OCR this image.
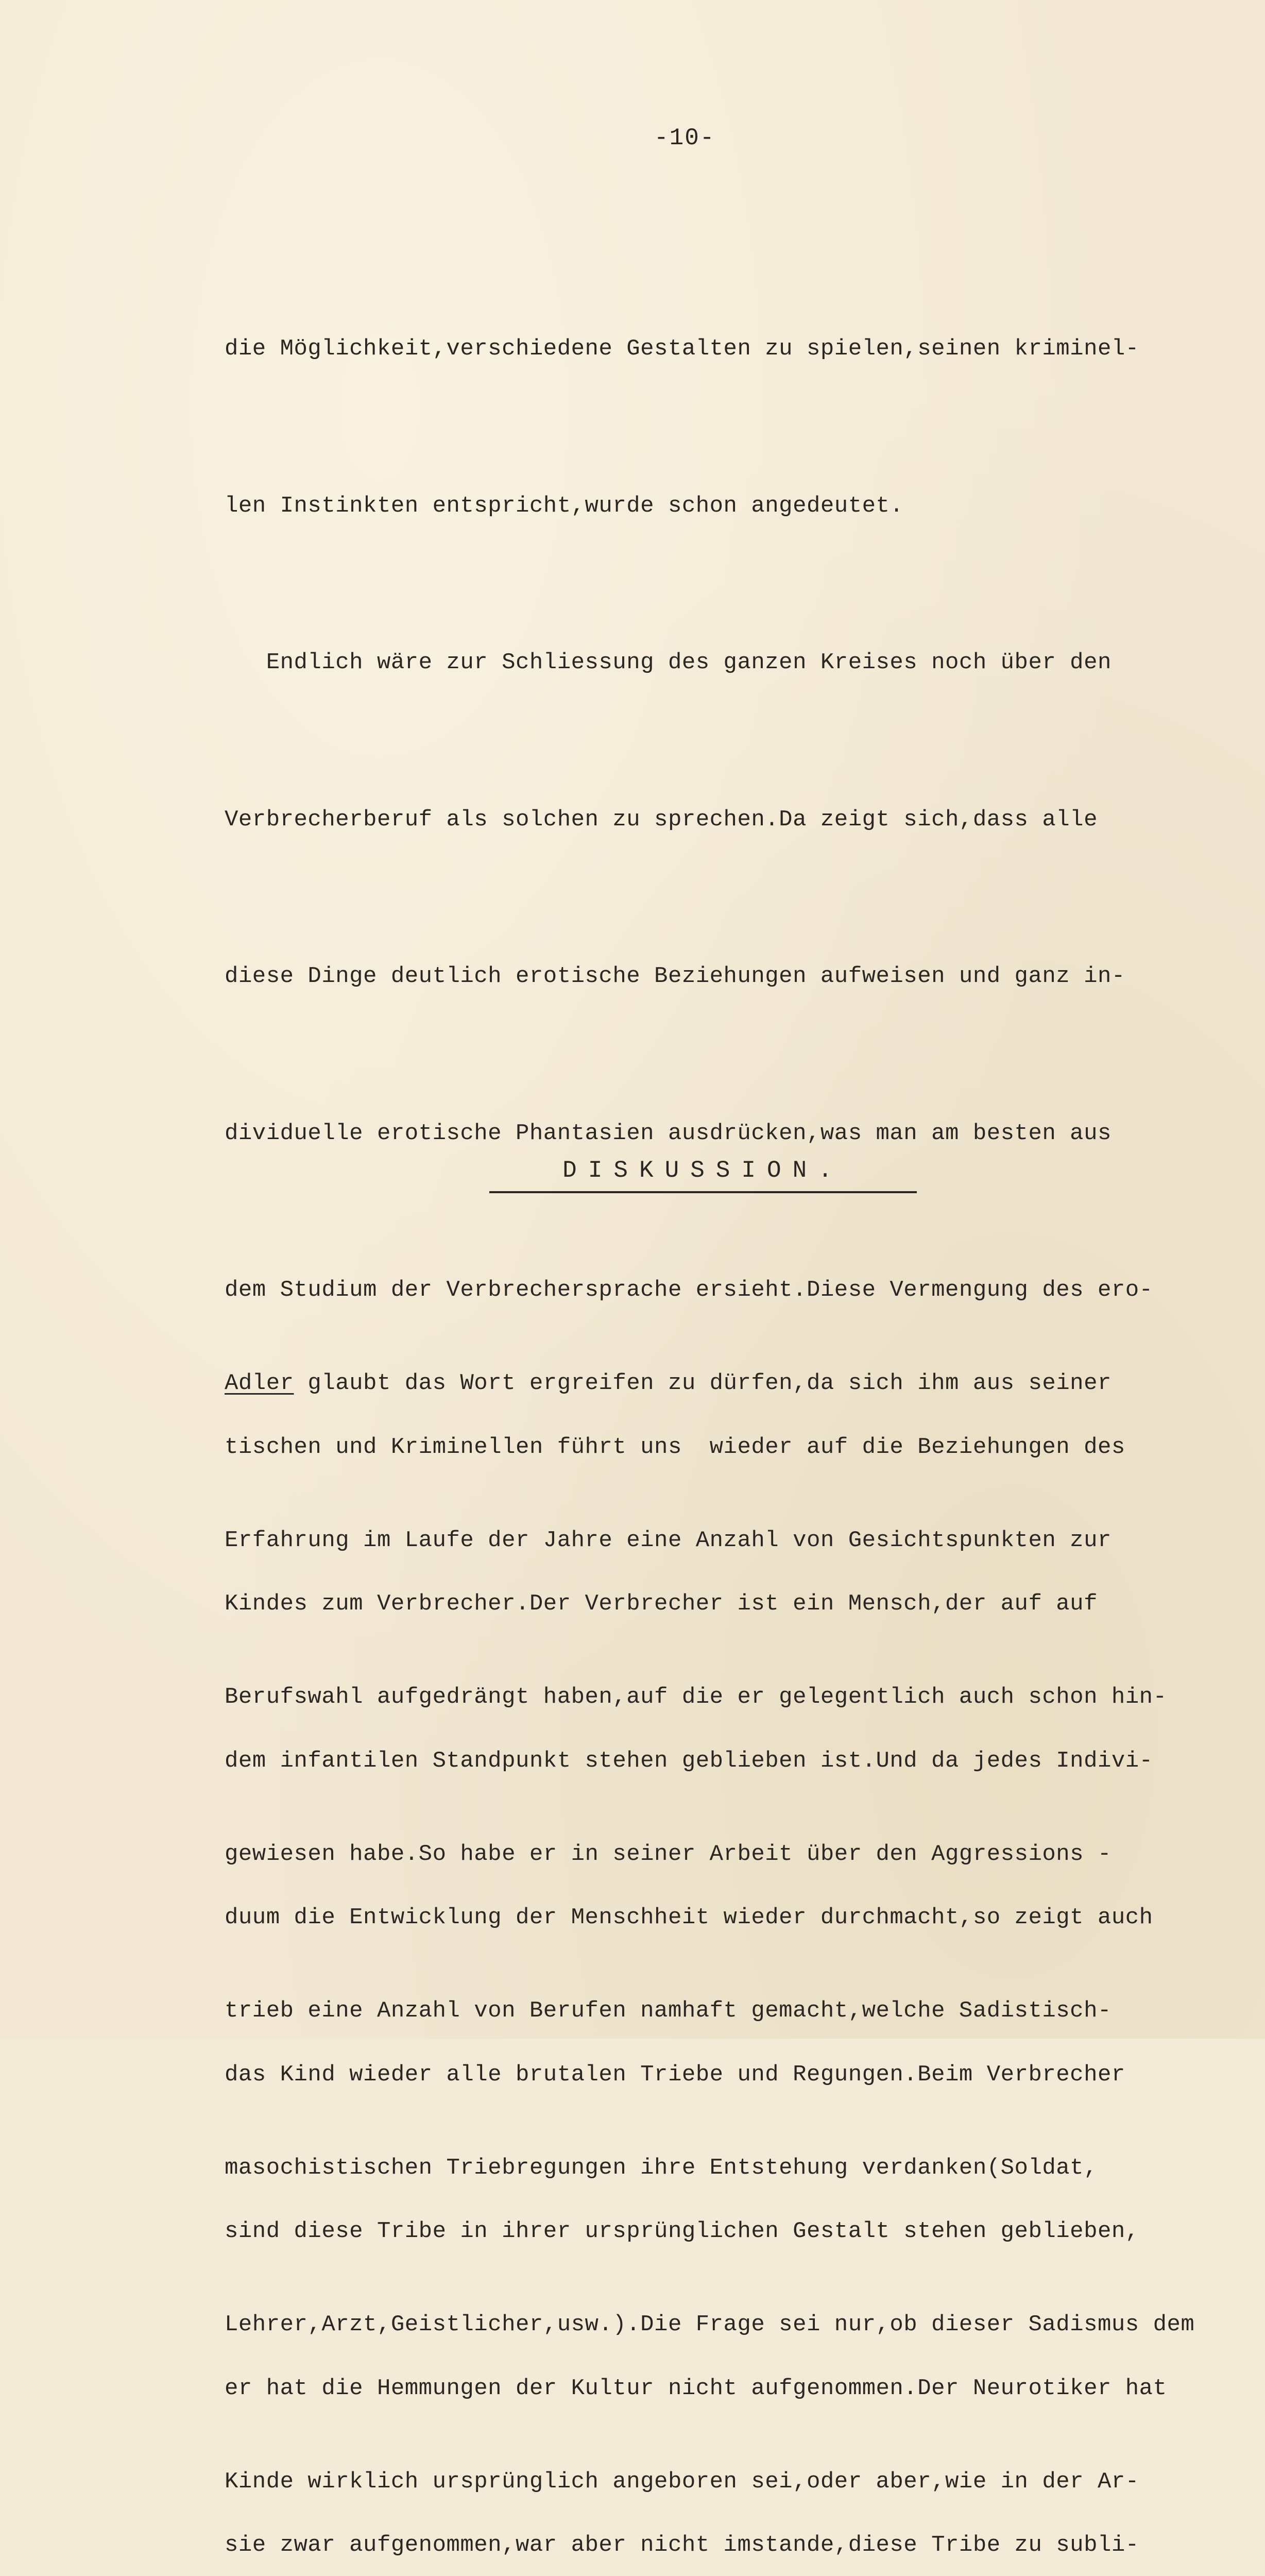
-10-

die Möglichkeit,verschiedene Gestalten zu spielen,seinen kriminel-

len Instinkten entspricht,wurde schon angedeutet.

Endlich wäre zur Schliessung des ganzen Kreises noch über den

Verbrecherberuf als solchen zu sprechen.Da zeigt sich,dass alle

diese Dinge deutlich erotische Beziehungen aufweisen und ganz in-

dividuelle erotische Phantasien ausdrücken,was man am besten aus

dem Studium der Verbrechersprache ersieht.Diese Vermengung des ero-

tischen und Kriminellen führt uns  wieder auf die Beziehungen des

Kindes zum Verbrecher.Der Verbrecher ist ein Mensch,der auf auf

dem infantilen Standpunkt stehen geblieben ist.Und da jedes Indivi-

duum die Entwicklung der Menschheit wieder durchmacht,so zeigt auch

das Kind wieder alle brutalen Triebe und Regungen.Beim Verbrecher

sind diese Tribe in ihrer ursprünglichen Gestalt stehen geblieben,

er hat die Hemmungen der Kultur nicht aufgenommen.Der Neurotiker hat

sie zwar aufgenommen,war aber nicht imstande,diese Tribe zu subli-

DISKUSSION.

Adler glaubt das Wort ergreifen zu dürfen,da sich ihm aus seiner

Erfahrung im Laufe der Jahre eine Anzahl von Gesichtspunkten zur

Berufswahl aufgedrängt haben,auf die er gelegentlich auch schon hin-

gewiesen habe.So habe er in seiner Arbeit über den Aggressions -

trieb eine Anzahl von Berufen namhaft gemacht,welche Sadistisch-

masochistischen Triebregungen ihre Entstehung verdanken(Soldat,

Lehrer,Arzt,Geistlicher,usw.).Die Frage sei nur,ob dieser Sadismus dem

Kinde wirklich ursprünglich angeboren sei,oder aber,wie in der Ar-
